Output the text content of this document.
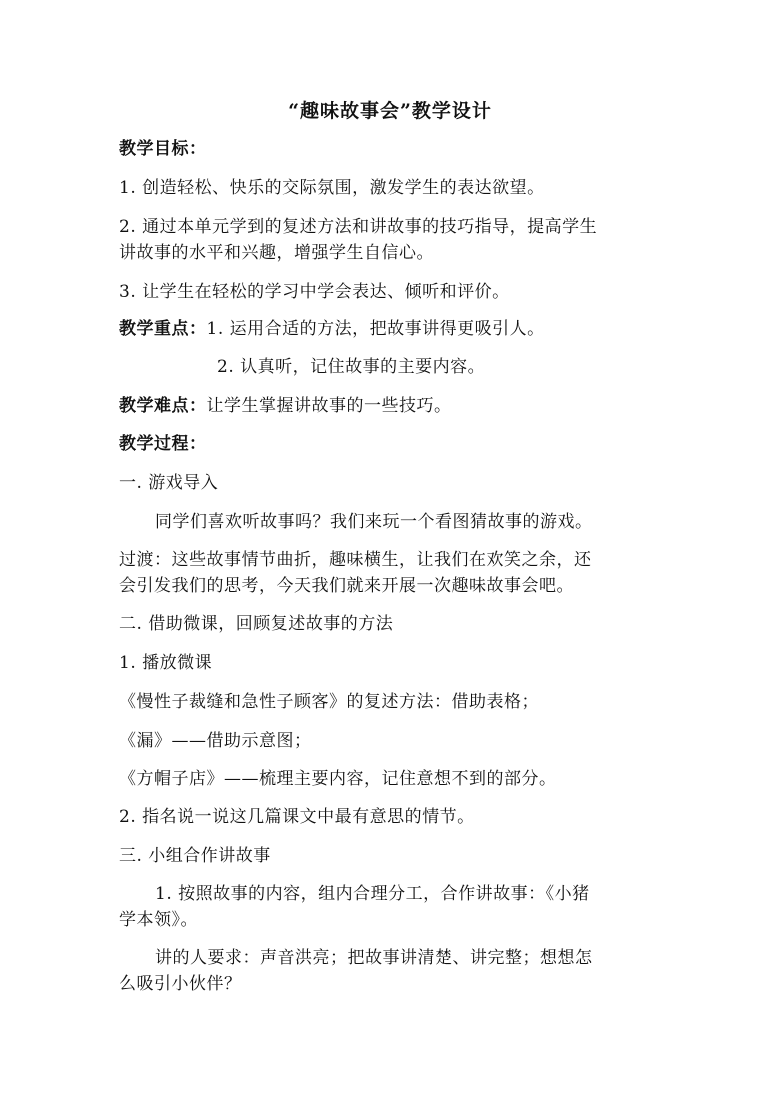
“趣味故事会”教学设计
教学目标：
1. 创造轻松、快乐的交际氛围，激发学生的表达欲望。
2. 通过本单元学到的复述方法和讲故事的技巧指导，提高学生
讲故事的水平和兴趣，增强学生自信心。
3. 让学生在轻松的学习中学会表达、倾听和评价。
教学重点：1. 运用合适的方法，把故事讲得更吸引人。
2. 认真听，记住故事的主要内容。
教学难点：让学生掌握讲故事的一些技巧。
教学过程：
一. 游戏导入
同学们喜欢听故事吗？我们来玩一个看图猜故事的游戏。
过渡：这些故事情节曲折，趣味横生，让我们在欢笑之余，还
会引发我们的思考，今天我们就来开展一次趣味故事会吧。
二. 借助微课，回顾复述故事的方法
1. 播放微课
《慢性子裁缝和急性子顾客》的复述方法：借助表格；
《漏》——借助示意图；
《方帽子店》——梳理主要内容，记住意想不到的部分。
2. 指名说一说这几篇课文中最有意思的情节。
三. 小组合作讲故事
1. 按照故事的内容，组内合理分工，合作讲故事：《小猪
学本领》。
讲的人要求：声音洪亮；把故事讲清楚、讲完整；想想怎
么吸引小伙伴？
